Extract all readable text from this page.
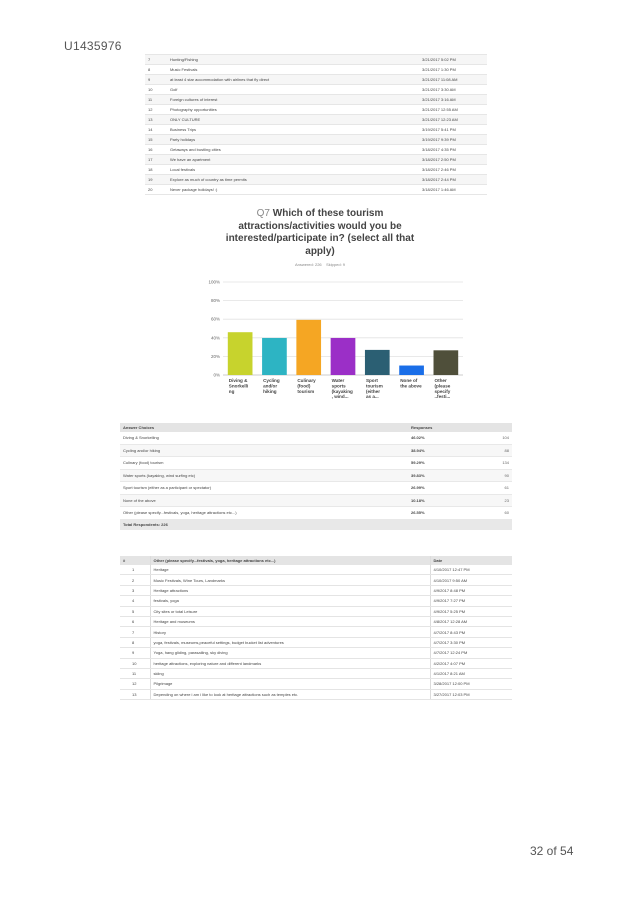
U1435976
7	Hunting/Fishing	3/21/2017 5:02 PM
8	Music Festivals	3/21/2017 1:30 PM
9	at least 4 star accommodation with airlines that fly direct	3/21/2017 11:08 AM
10	Golf	3/21/2017 3:30 AM
11	Foreign cultures of interest	3/21/2017 3:16 AM
12	Photography opportunities	3/21/2017 12:55 AM
13	ONLY CULTURE	3/21/2017 12:23 AM
14	Business Trips	3/19/2017 5:41 PM
15	Party holidays	3/19/2017 9:39 PM
16	Getaways and bustling cities	3/18/2017 4:35 PM
17	We have an apartment	3/18/2017 2:50 PM
18	Local festivals	3/18/2017 2:46 PM
19	Explore as much of country as time permits	3/18/2017 2:44 PM
20	Never package holidays! :)	3/18/2017 1:46 AM
Q7 Which of these tourism attractions/activities would you be interested/participate in? (select all that apply)
Answered: 226 Skipped: 9
0%
20%
40%
60%
80%
100%
Diving & Snorkelli ng
Cycling and/or hiking
Culinary (food) tourism
Water sports (kayaking , wind...
Sport tourism (either as a...
None of the above
Other (please specify ..festi...
Answer Choices	Responses	
Diving & Snorkelling	46.02%	104
Cycling and/or hiking	38.94%	88
Culinary (food) tourism	59.29%	134
Water sports (kayaking, wind surfing etc)	39.83%	90
Sport tourism (either as a participant or spectator)	26.99%	61
None of the above	10.18%	23
Other (please specify...festivals, yoga, heritage attractions etc...)	26.55%	60
Total Respondents: 226		
#	Other (please specify...festivals, yoga, heritage attractions etc...)	Date
1	Heritage	4/10/2017 12:47 PM
2	Music Festivals, Wine Tours, Landmarks	4/10/2017 9:50 AM
3	Heritage attractions	4/9/2017 8:48 PM
4	festivals, yoga	4/9/2017 7:27 PM
5	City sites or total Leisure	4/9/2017 5:25 PM
6	Heritage and museums	4/8/2017 12:28 AM
7	History	4/7/2017 8:43 PM
8	yoga, festivals, museums,peaceful settings, budget bucket list adventures	4/7/2017 3:30 PM
9	Yoga, hang gliding, parasailing, sky diving	4/7/2017 12:24 PM
10	heritage attractions, exploring nature and different landmarks	4/2/2017 4:07 PM
11	skiing	4/1/2017 8:21 AM
12	Pilgrimage	3/28/2017 12:00 PM
13	Depending on where i am i like to look at heritage attractions such as temples etc.	3/27/2017 12:03 PM
32 of 54
